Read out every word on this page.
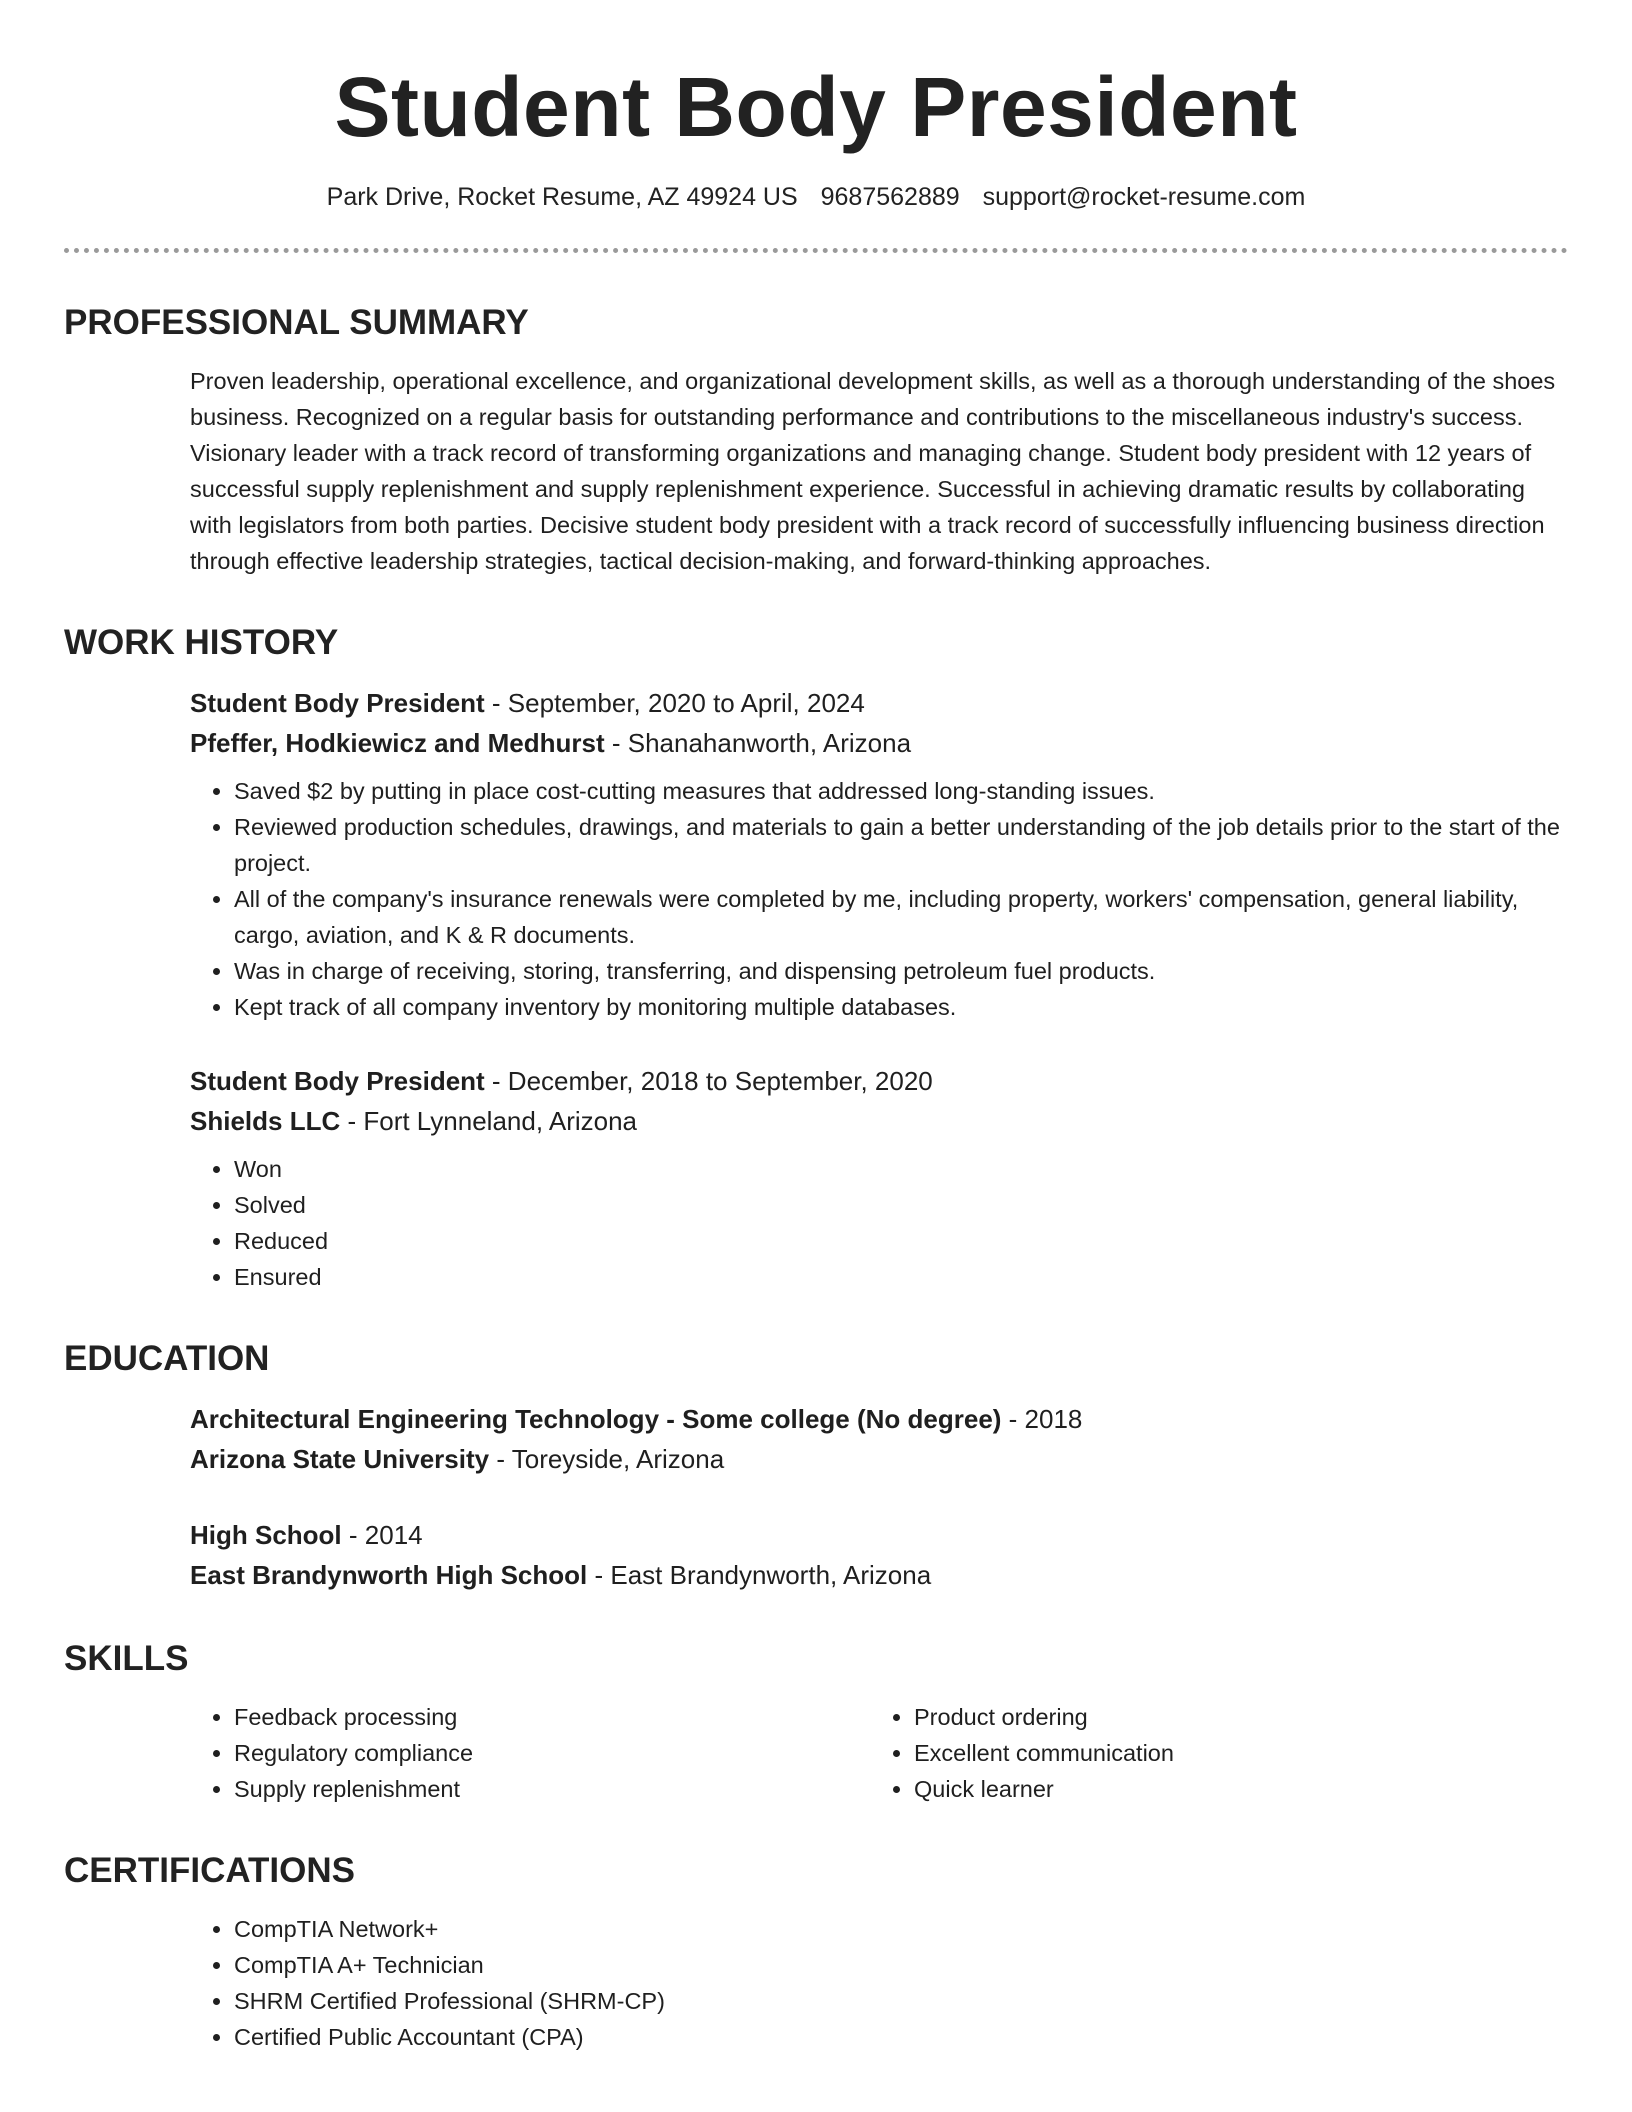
Student Body President
Park Drive, Rocket Resume, AZ 49924 US 9687562889 support@rocket-resume.com
PROFESSIONAL SUMMARY

Proven leadership, operational excellence, and organizational development skills, as well as a thorough understanding of the shoes business. Recognized on a regular basis for outstanding performance and contributions to the miscellaneous industry's success. Visionary leader with a track record of transforming organizations and managing change. Student body president with 12 years of successful supply replenishment and supply replenishment experience. Successful in achieving dramatic results by collaborating with legislators from both parties. Decisive student body president with a track record of successfully influencing business direction through effective leadership strategies, tactical decision-making, and forward-thinking approaches.

WORK HISTORY
Student Body President - September, 2020 to April, 2024
Pfeffer, Hodkiewicz and Medhurst - Shanahanworth, Arizona
• Saved $2 by putting in place cost-cutting measures that addressed long-standing issues.
• Reviewed production schedules, drawings, and materials to gain a better understanding of the job details prior to the start of the project.
• All of the company's insurance renewals were completed by me, including property, workers' compensation, general liability, cargo, aviation, and K & R documents.
• Was in charge of receiving, storing, transferring, and dispensing petroleum fuel products.
• Kept track of all company inventory by monitoring multiple databases.
Student Body President - December, 2018 to September, 2020
Shields LLC - Fort Lynneland, Arizona
• Won
• Solved
• Reduced
• Ensured
EDUCATION
Architectural Engineering Technology - Some college (No degree) - 2018
Arizona State University - Toreyside, Arizona
High School - 2014
East Brandynworth High School - East Brandynworth, Arizona
SKILLS
• Feedback processing
• Regulatory compliance
• Supply replenishment
• Product ordering
• Excellent communication
• Quick learner
CERTIFICATIONS
• CompTIA Network+
• CompTIA A+ Technician
• SHRM Certified Professional (SHRM-CP)
• Certified Public Accountant (CPA)
